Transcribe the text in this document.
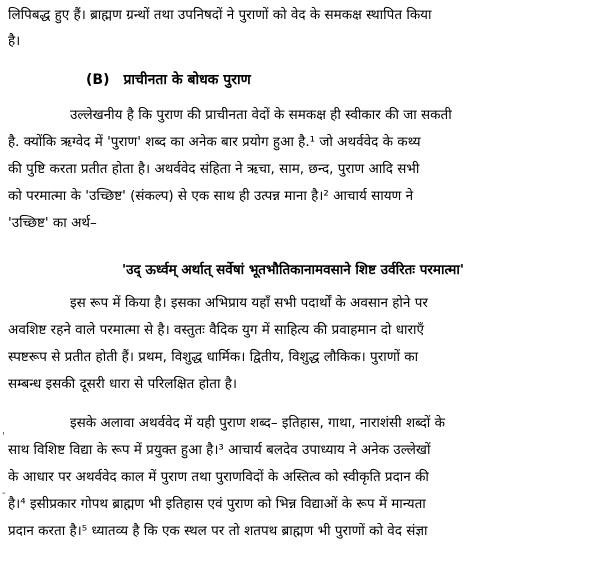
लिपिबद्ध हुए हैं। ब्राह्मण ग्रन्थों तथा उपनिषदों ने पुराणों को वेद के समकक्ष स्थापित किया
है।
(B) प्राचीनता के बोधक पुराण
उल्लेखनीय है कि पुराण की प्राचीनता वेदों के समकक्ष ही स्वीकार की जा सकती
है. क्योंकि ऋग्वेद में 'पुराण' शब्द का अनेक बार प्रयोग हुआ है.¹ जो अथर्ववेद के कथ्य
की पुष्टि करता प्रतीत होता है। अथर्ववेद संहिता ने ऋचा, साम, छन्द, पुराण आदि सभी
को परमात्मा के 'उच्छिष्ट' (संकल्प) से एक साथ ही उत्पन्न माना है।² आचार्य सायण ने
'उच्छिष्ट' का अर्थ–
'उद् ऊर्ध्वम् अर्थात् सर्वेषां भूतभौतिकानामवसाने शिष्ट उर्वरितः परमात्मा'
इस रूप में किया है। इसका अभिप्राय यहाँ सभी पदार्थों के अवसान होने पर
अवशिष्ट रहने वाले परमात्मा से है। वस्तुतः वैदिक युग में साहित्य की प्रवाहमान दो धाराएँ
स्पष्टरूप से प्रतीत होती हैं। प्रथम, विशुद्ध धार्मिक। द्वितीय, विशुद्ध लौकिक। पुराणों का
सम्बन्ध इसकी दूसरी धारा से परिलक्षित होता है।
इसके अलावा अथर्ववेद में यही पुराण शब्द– इतिहास, गाथा, नाराशंसी शब्दों के
साथ विशिष्ट विद्या के रूप में प्रयुक्त हुआ है।³ आचार्य बलदेव उपाध्याय ने अनेक उल्लेखों
के आधार पर अथर्ववेद काल में पुराण तथा पुराणविदों के अस्तित्व को स्वीकृति प्रदान की
है।⁴ इसीप्रकार गोपथ ब्राह्मण भी इतिहास एवं पुराण को भिन्न विद्याओं के रूप में मान्यता
प्रदान करता है।⁵ ध्यातव्य है कि एक स्थल पर तो शतपथ ब्राह्मण भी पुराणों को वेद संज्ञा
'
-
